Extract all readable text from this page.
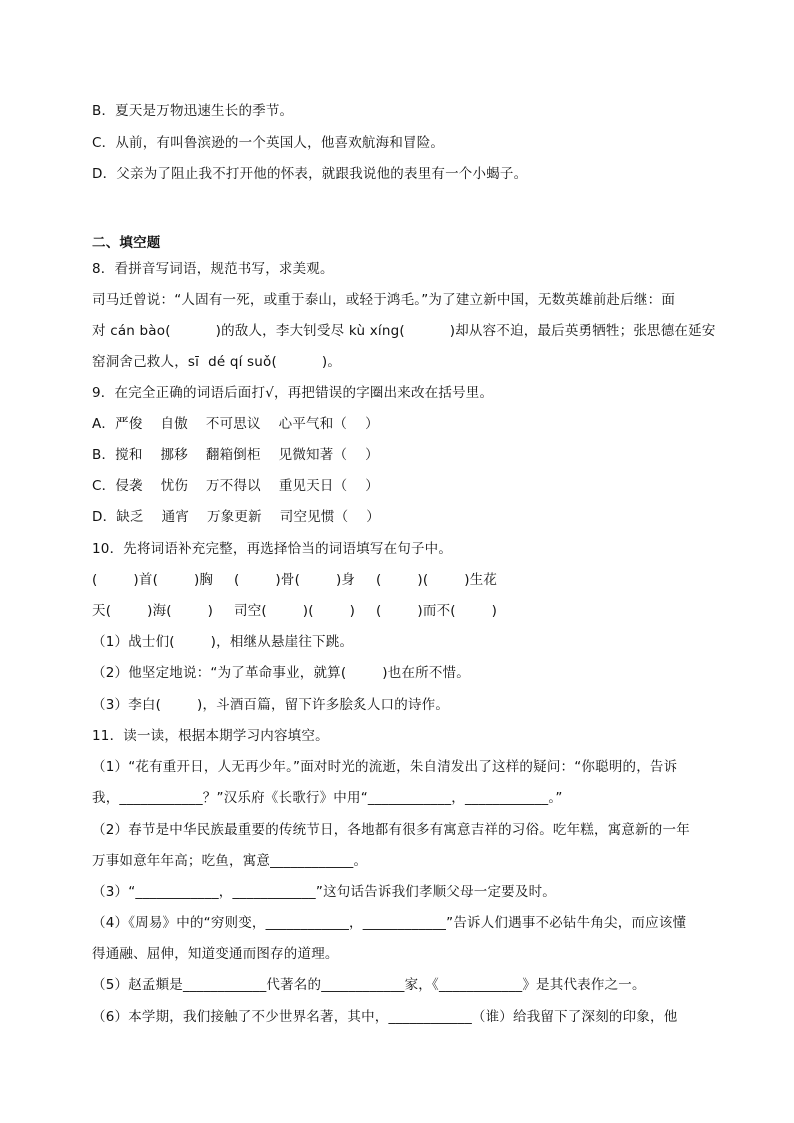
B．夏天是万物迅速生长的季节。
C．从前，有叫鲁滨逊的一个英国人，他喜欢航海和冒险。
D．父亲为了阻止我不打开他的怀表，就跟我说他的表里有一个小蝎子。
二、填空题
8．看拼音写词语，规范书写，求美观。
司马迁曾说：“人固有一死，或重于泰山，或轻于鸿毛。”为了建立新中国，无数英雄前赴后继：面
对 cán bào(          )的敌人，李大钊受尽 kù xíng(          )却从容不迫，最后英勇牺牲；张思德在延安
窑洞舍己救人，sī  dé qí suǒ(          )。
9．在完全正确的词语后面打√，再把错误的字圈出来改在括号里。
A．严俊    自傲    不可思议    心平气和（    ）
B．搅和    挪移    翻箱倒柜    见微知著（    ）
C．侵袭    忧伤    万不得以    重见天日（    ）
D．缺乏    通宵    万象更新    司空见惯（    ）
10．先将词语补充完整，再选择恰当的词语填写在句子中。
(        )首(        )胸	(        )骨(        )身	(        )(        )生花
天(        )海(        )	司空(        )(        )	(        )而不(        )
（1）战士们(        )，相继从悬崖往下跳。
（2）他坚定地说：“为了革命事业，就算(        )也在所不惜。
（3）李白(        )，斗酒百篇，留下许多脍炙人口的诗作。
11．读一读，根据本期学习内容填空。
（1）“花有重开日，人无再少年。”面对时光的流逝，朱自清发出了这样的疑问：“你聪明的，告诉
我，____________？”汉乐府《长歌行》中用“____________，____________。”
（2）春节是中华民族最重要的传统节日，各地都有很多有寓意吉祥的习俗。吃年糕，寓意新的一年
万事如意年年高；吃鱼，寓意____________。
（3）“____________，____________”这句话告诉我们孝顺父母一定要及时。
（4）《周易》中的“穷则变，____________，____________”告诉人们遇事不必钻牛角尖，而应该懂
得通融、屈伸，知道变通而图存的道理。
（5）赵孟頫是____________代著名的____________家，《____________》是其代表作之一。
（6）本学期，我们接触了不少世界名著，其中，____________（谁）给我留下了深刻的印象，他
